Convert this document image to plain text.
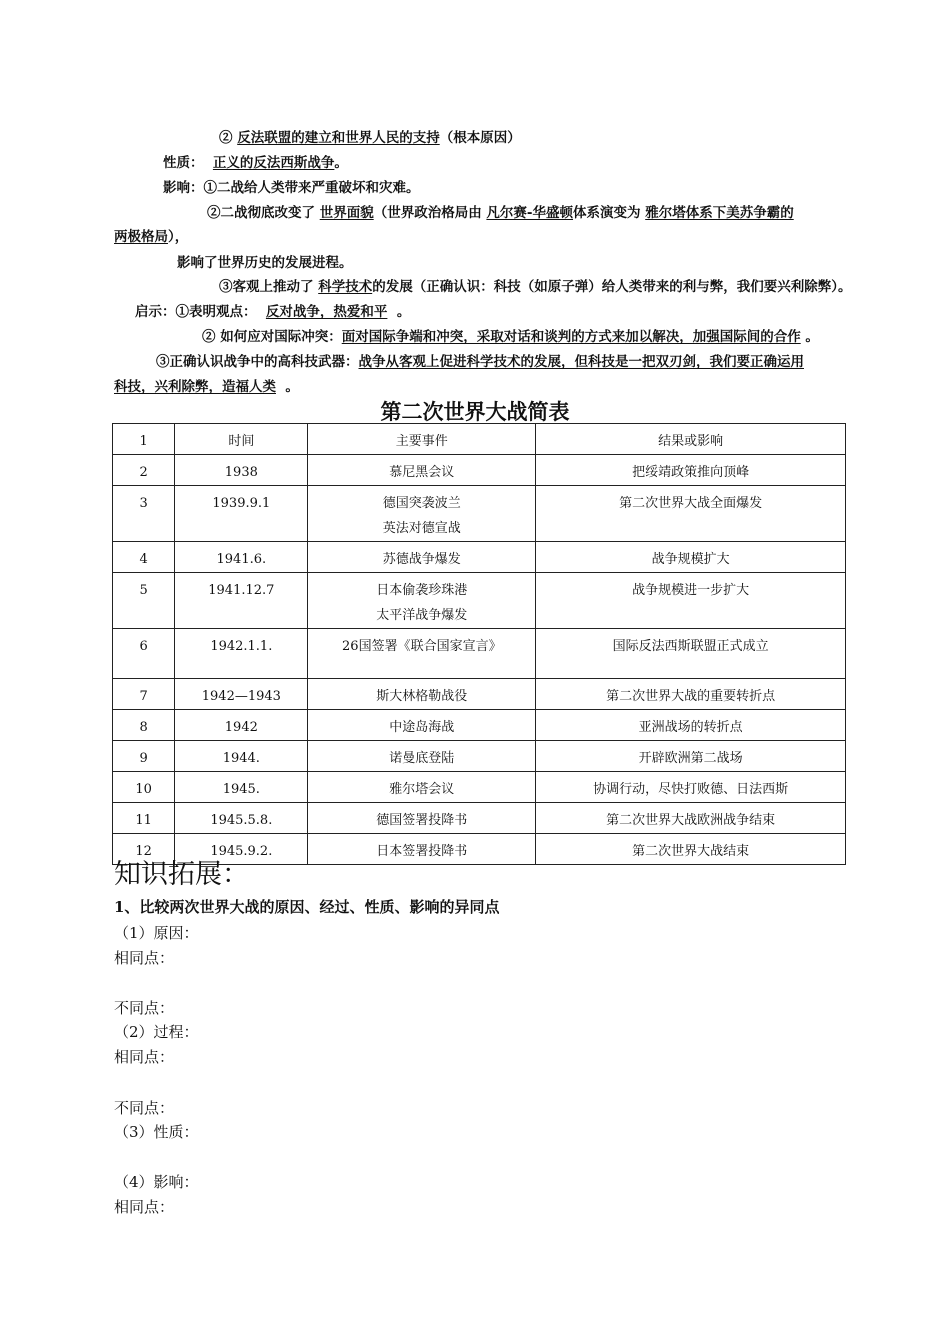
② 反法联盟的建立和世界人民的支持（根本原因）
性质： 正义的反法西斯战争。
影响：①二战给人类带来严重破坏和灾难。
②二战彻底改变了 世界面貌（世界政治格局由 凡尔赛-华盛顿体系演变为 雅尔塔体系下美苏争霸的
两极格局），
影响了世界历史的发展进程。
③客观上推动了 科学技术的发展（正确认识：科技（如原子弹）给人类带来的利与弊，我们要兴利除弊）。
启示：①表明观点： 反对战争，热爱和平 。
② 如何应对国际冲突：面对国际争端和冲突，采取对话和谈判的方式来加以解决，加强国际间的合作 。
③正确认识战争中的高科技武器：战争从客观上促进科学技术的发展，但科技是一把双刃剑，我们要正确运用
科技，兴利除弊，造福人类 。
第二次世界大战简表
1	时间	主要事件	结果或影响
2	1938	慕尼黑会议	把绥靖政策推向顶峰
3	1939.9.1	德国突袭波兰
英法对德宣战	第二次世界大战全面爆发
4	1941.6.	苏德战争爆发	战争规模扩大
5	1941.12.7	日本偷袭珍珠港
太平洋战争爆发	战争规模进一步扩大
6	1942.1.1.	26国签署《联合国家宣言》	国际反法西斯联盟正式成立
7	1942—1943	斯大林格勒战役	第二次世界大战的重要转折点
8	1942	中途岛海战	亚洲战场的转折点
9	1944.	诺曼底登陆	开辟欧洲第二战场
10	1945.	雅尔塔会议	协调行动，尽快打败德、日法西斯
11	1945.5.8.	德国签署投降书	第二次世界大战欧洲战争结束
12	1945.9.2.	日本签署投降书	第二次世界大战结束
知识拓展：
1、比较两次世界大战的原因、经过、性质、影响的异同点
（1）原因：
相同点：
不同点：
（2）过程：
相同点：
不同点：
（3）性质：
（4）影响：
相同点：
